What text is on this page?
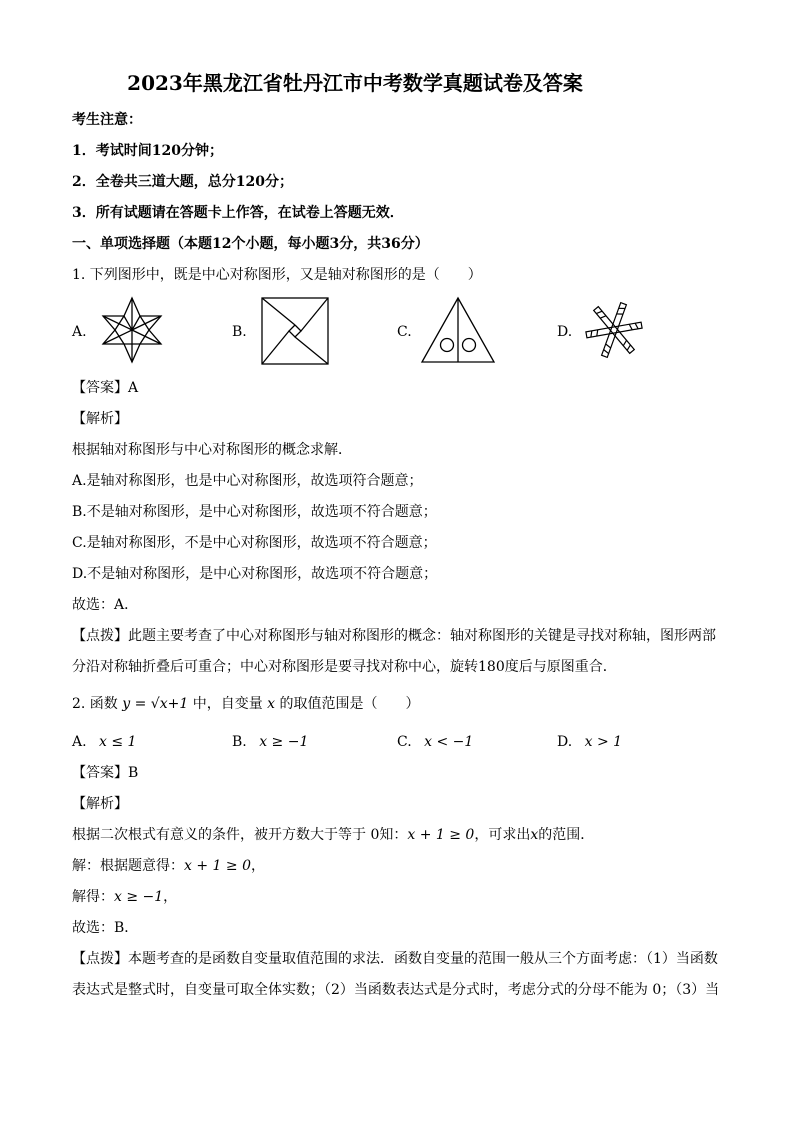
2023年黑龙江省牡丹江市中考数学真题试卷及答案
考生注意：
1．考试时间120分钟；
2．全卷共三道大题，总分120分；
3．所有试题请在答题卡上作答，在试卷上答题无效．
一、单项选择题（本题12个小题，每小题3分，共36分）
1. 下列图形中，既是中心对称图形，又是轴对称图形的是（　　）
A.	B.	C.	D.
【答案】A
【解析】
根据轴对称图形与中心对称图形的概念求解．
A.是轴对称图形，也是中心对称图形，故选项符合题意；
B.不是轴对称图形，是中心对称图形，故选项不符合题意；
C.是轴对称图形，不是中心对称图形，故选项不符合题意；
D.不是轴对称图形，是中心对称图形，故选项不符合题意；
故选：A．
【点拨】此题主要考查了中心对称图形与轴对称图形的概念：轴对称图形的关键是寻找对称轴，图形两部
分沿对称轴折叠后可重合；中心对称图形是要寻找对称中心，旋转180度后与原图重合．
2. 函数 y = √x+1 中，自变量 x 的取值范围是（　　）
A. x ≤ 1	B. x ≥ −1	C. x < −1	D. x > 1
【答案】B
【解析】
根据二次根式有意义的条件，被开方数大于等于 0知：x + 1 ≥ 0，可求出x的范围．
解：根据题意得：x + 1 ≥ 0，
解得：x ≥ −1，
故选：B．
【点拨】本题考查的是函数自变量取值范围的求法．函数自变量的范围一般从三个方面考虑：（1）当函数
表达式是整式时，自变量可取全体实数；（2）当函数表达式是分式时，考虑分式的分母不能为 0；（3）当
